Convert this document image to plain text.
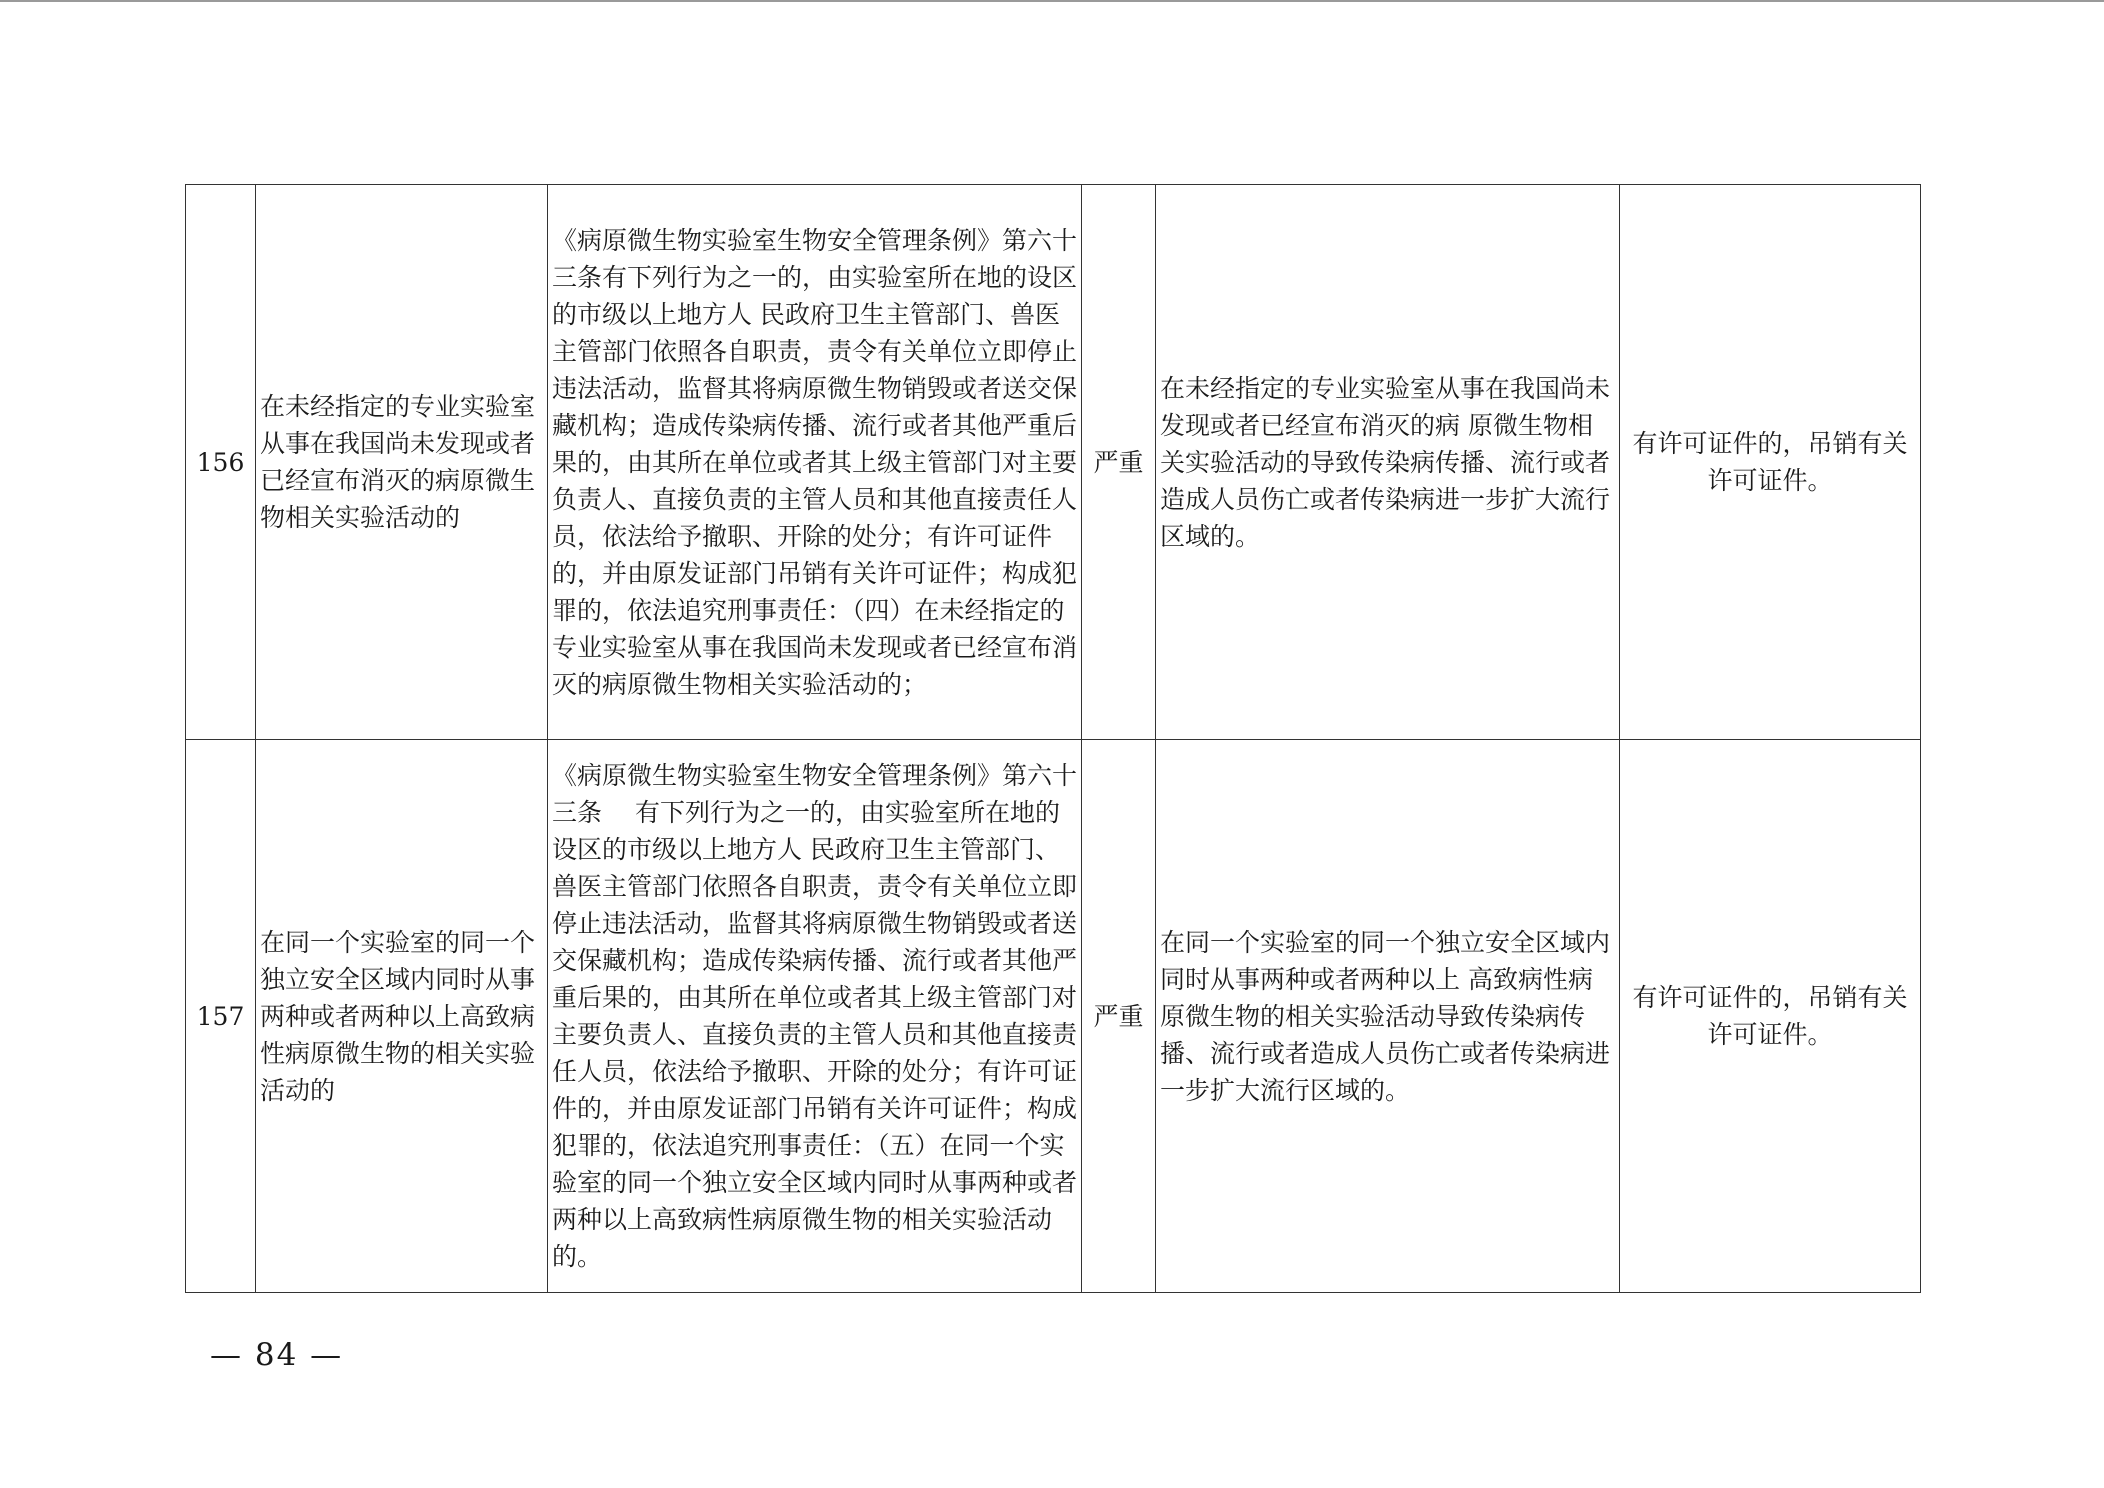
156	在未经指定的专业实验室从事在我国尚未发现或者已经宣布消灭的病原微生物相关实验活动的	《病原微生物实验室生物安全管理条例》第六十三条有下列行为之一的，由实验室所在地的设区的市级以上地方人 民政府卫生主管部门、兽医主管部门依照各自职责，责令有关单位立即停止违法活动，监督其将病原微生物销毁或者送交保藏机构；造成传染病传播、流行或者其他严重后果的，由其所在单位或者其上级主管部门对主要负责人、直接负责的主管人员和其他直接责任人员，依法给予撤职、开除的处分；有许可证件的，并由原发证部门吊销有关许可证件；构成犯罪的，依法追究刑事责任：（四）在未经指定的专业实验室从事在我国尚未发现或者已经宣布消灭的病原微生物相关实验活动的；	严重	在未经指定的专业实验室从事在我国尚未发现或者已经宣布消灭的病 原微生物相关实验活动的导致传染病传播、流行或者造成人员伤亡或者传染病进一步扩大流行区域的。	有许可证件的，吊销有关许可证件。
157	在同一个实验室的同一个独立安全区域内同时从事两种或者两种以上高致病性病原微生物的相关实验活动的	《病原微生物实验室生物安全管理条例》第六十三条　 有下列行为之一的，由实验室所在地的设区的市级以上地方人 民政府卫生主管部门、兽医主管部门依照各自职责，责令有关单位立即停止违法活动，监督其将病原微生物销毁或者送交保藏机构；造成传染病传播、流行或者其他严重后果的，由其所在单位或者其上级主管部门对主要负责人、直接负责的主管人员和其他直接责任人员，依法给予撤职、开除的处分；有许可证件的，并由原发证部门吊销有关许可证件；构成犯罪的，依法追究刑事责任：（五）在同一个实验室的同一个独立安全区域内同时从事两种或者两种以上高致病性病原微生物的相关实验活动的。	严重	在同一个实验室的同一个独立安全区域内同时从事两种或者两种以上 高致病性病原微生物的相关实验活动导致传染病传播、流行或者造成人员伤亡或者传染病进一步扩大流行区域的。	有许可证件的，吊销有关许可证件。
— 84 —
